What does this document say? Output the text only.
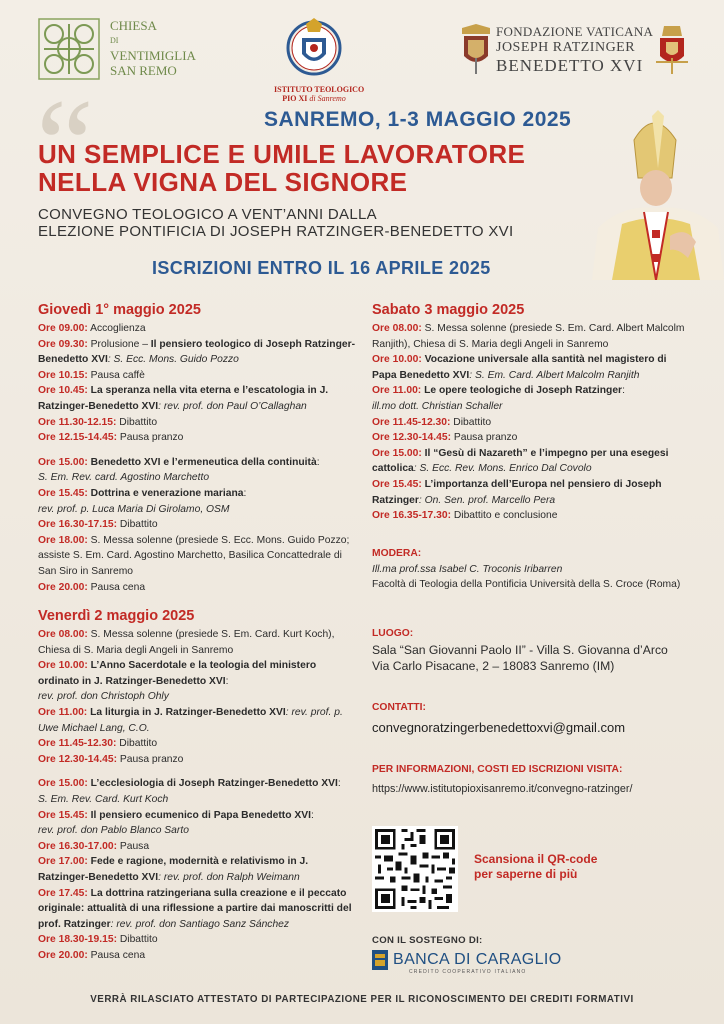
CHIESA
DI
VENTIMIGLIA
SAN REMO
ISTITUTO TEOLOGICO
PIO XI di Sanremo
FONDAZIONE VATICANA
JOSEPH RATZINGER
BENEDETTO XVI
“	SANREMO, 1-3 MAGGIO 2025
UN SEMPLICE E UMILE LAVORATORE
NELLA VIGNA DEL SIGNORE
CONVEGNO TEOLOGICO A VENT’ANNI DALLA
ELEZIONE PONTIFICIA DI JOSEPH RATZINGER-BENEDETTO XVI
ISCRIZIONI ENTRO IL 16 APRILE 2025
Giovedì 1° maggio 2025
Ore 09.00: Accoglienza
Ore 09.30: Prolusione – Il pensiero teologico di Joseph Ratzinger-Benedetto XVI: S. Ecc. Mons. Guido Pozzo
Ore 10.15: Pausa caffè
Ore 10.45: La speranza nella vita eterna e l’escatologia in J. Ratzinger-Benedetto XVI: rev. prof. don Paul O’Callaghan
Ore 11.30-12.15: Dibattito
Ore 12.15-14.45: Pausa pranzo
Ore 15.00: Benedetto XVI e l’ermeneutica della continuità:
S. Em. Rev. card. Agostino Marchetto
Ore 15.45: Dottrina e venerazione mariana:
rev. prof. p. Luca Maria Di Girolamo, OSM
Ore 16.30-17.15: Dibattito
Ore 18.00: S. Messa solenne (presiede S. Ecc. Mons. Guido Pozzo; assiste S. Em. Card. Agostino Marchetto, Basilica Concattedrale di San Siro in Sanremo
Ore 20.00: Pausa cena
Venerdì 2 maggio 2025
Ore 08.00: S. Messa solenne (presiede S. Em. Card. Kurt Koch), Chiesa di S. Maria degli Angeli in Sanremo
Ore 10.00: L’Anno Sacerdotale e la teologia del ministero ordinato in J. Ratzinger-Benedetto XVI:
rev. prof. don Christoph Ohly
Ore 11.00: La liturgia in J. Ratzinger-Benedetto XVI: rev. prof. p. Uwe Michael Lang, C.O.
Ore 11.45-12.30: Dibattito
Ore 12.30-14.45: Pausa pranzo
Ore 15.00: L’ecclesiologia di Joseph Ratzinger-Benedetto XVI:
S. Em. Rev. Card. Kurt Koch
Ore 15.45: Il pensiero ecumenico di Papa Benedetto XVI:
rev. prof. don Pablo Blanco Sarto
Ore 16.30-17.00: Pausa
Ore 17.00: Fede e ragione, modernità e relativismo in J. Ratzinger-Benedetto XVI: rev. prof. don Ralph Weimann
Ore 17.45: La dottrina ratzingeriana sulla creazione e il peccato originale: attualità di una riflessione a partire dai manoscritti del prof. Ratzinger: rev. prof. don Santiago Sanz Sánchez
Ore 18.30-19.15: Dibattito
Ore 20.00: Pausa cena
Sabato 3 maggio 2025
Ore 08.00: S. Messa solenne (presiede S. Em. Card. Albert Malcolm Ranjith), Chiesa di S. Maria degli Angeli in Sanremo
Ore 10.00: Vocazione universale alla santità nel magistero di Papa Benedetto XVI: S. Em. Card. Albert Malcolm Ranjith
Ore 11.00: Le opere teologiche di Joseph Ratzinger:
ill.mo dott. Christian Schaller
Ore 11.45-12.30: Dibattito
Ore 12.30-14.45: Pausa pranzo
Ore 15.00: Il “Gesù di Nazareth” e l’impegno per una esegesi cattolica: S. Ecc. Rev. Mons. Enrico Dal Covolo
Ore 15.45: L’importanza dell’Europa nel pensiero di Joseph Ratzinger: On. Sen. prof. Marcello Pera
Ore 16.35-17.30: Dibattito e conclusione
MODERA:
Ill.ma prof.ssa Isabel C. Troconis Iribarren
Facoltà di Teologia della Pontificia Università della S. Croce (Roma)
LUOGO:
Sala “San Giovanni Paolo II” - Villa S. Giovanna d’Arco
Via Carlo Pisacane, 2 – 18083 Sanremo (IM)
CONTATTI:
convegnoratzingerbenedettoxvi@gmail.com
PER INFORMAZIONI, COSTI ED ISCRIZIONI VISITA:
https://www.istitutopioxisanremo.it/convegno-ratzinger/
Scansiona il QR-code
per saperne di più
CON IL SOSTEGNO DI:
BANCA DI CARAGLIO
CREDITO COOPERATIVO ITALIANO
VERRÀ RILASCIATO ATTESTATO DI PARTECIPAZIONE PER IL RICONOSCIMENTO DEI CREDITI FORMATIVI
